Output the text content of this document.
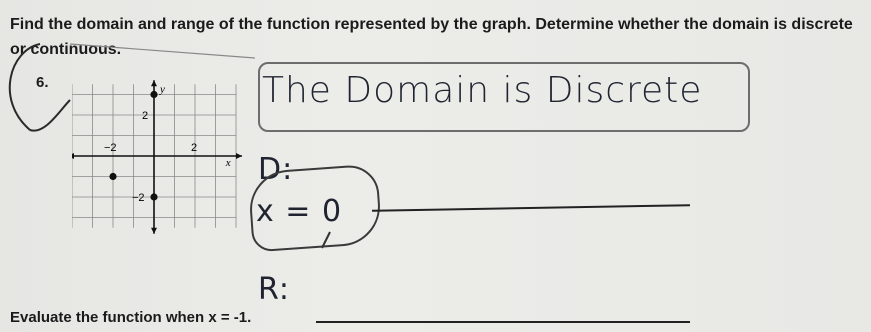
Find the domain and range of the function represented by the graph. Determine whether the domain is discrete or continuous.

6.	y
x
2
−2	2
−2
The Domain is Discrete
D:
x = 0
R:
Evaluate the function when x = -1.
